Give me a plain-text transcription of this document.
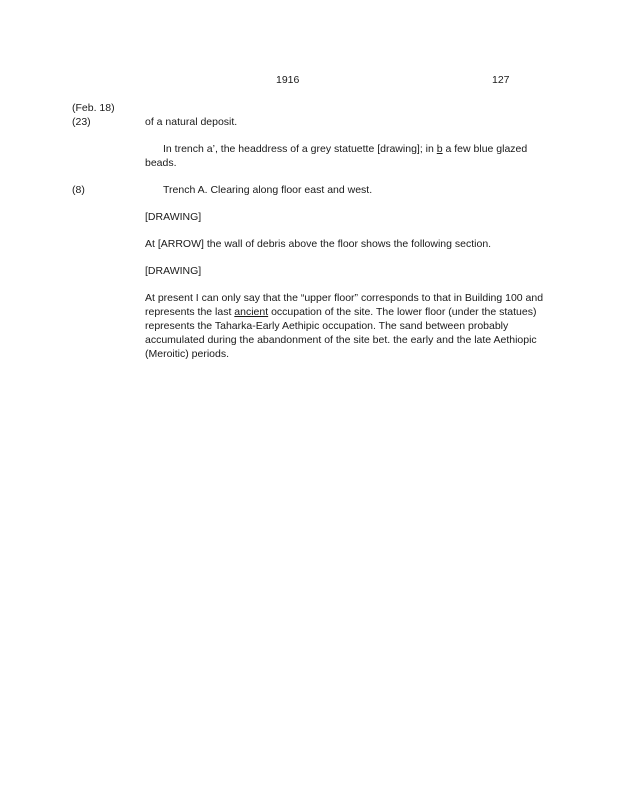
1916	127
(Feb. 18)
(23)	of a natural deposit.
In trench a’, the headdress of a grey statuette [drawing]; in b a few blue glazed beads.
(8)	Trench A. Clearing along floor east and west.
[DRAWING]
At [ARROW] the wall of debris above the floor shows the following section.
[DRAWING]
At present I can only say that the “upper floor” corresponds to that in Building 100 and represents the last ancient occupation of the site. The lower floor (under the statues) represents the Taharka-Early Aethipic occupation. The sand between probably accumulated during the abandonment of the site bet. the early and the late Aethiopic (Meroitic) periods.
